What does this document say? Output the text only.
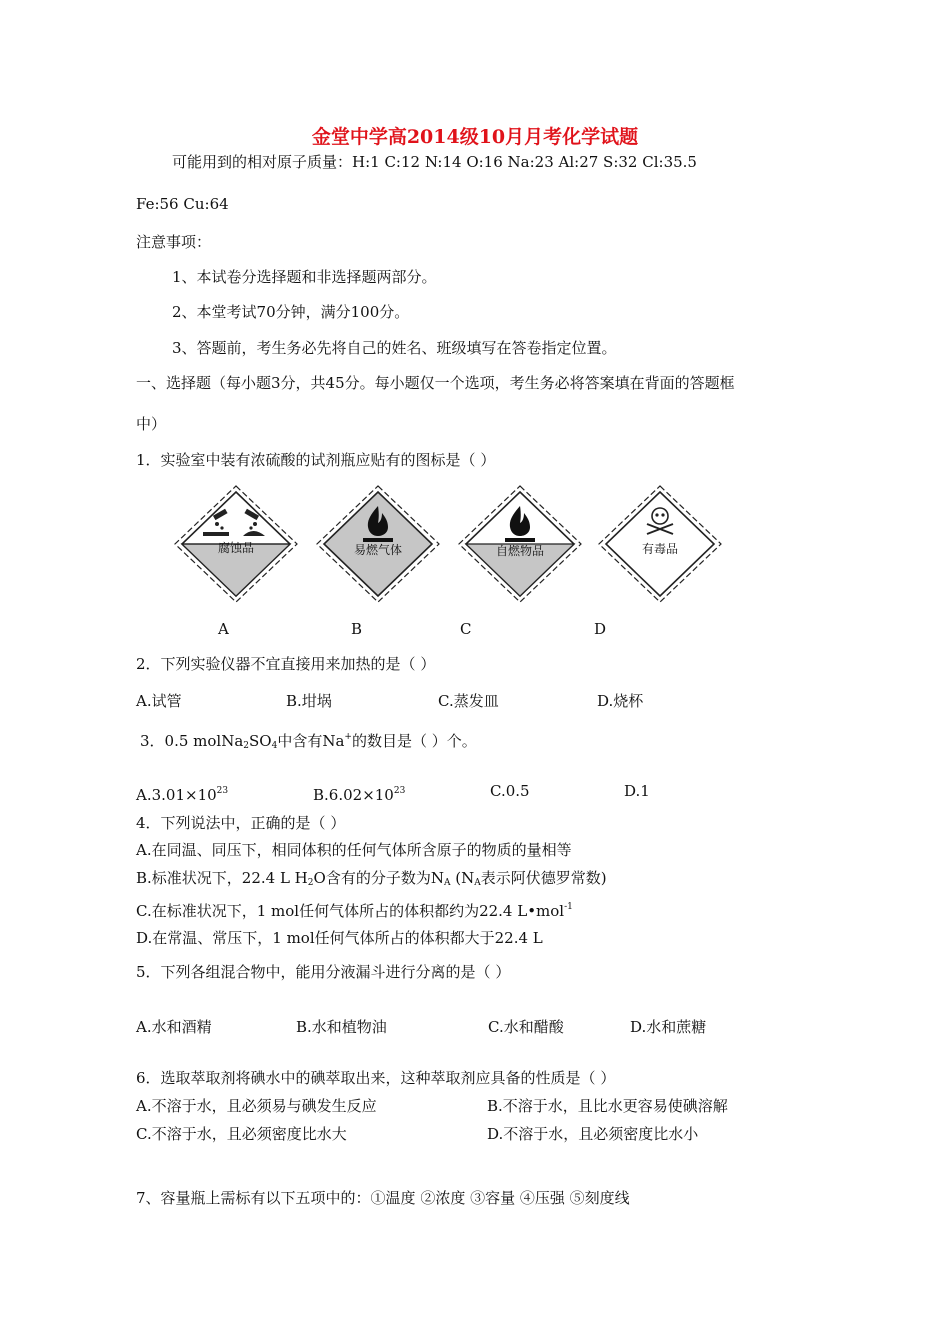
金堂中学高2014级10月月考化学试题
可能用到的相对原子质量：H:1 C:12 N:14 O:16 Na:23 Al:27 S:32 Cl:35.5
Fe:56 Cu:64
注意事项：
1、本试卷分选择题和非选择题两部分。
2、本堂考试70分钟，满分100分。
3、答题前，考生务必先将自己的姓名、班级填写在答卷指定位置。
一、选择题（每小题3分，共45分。每小题仅一个选项，考生务必将答案填在背面的答题框
中）
1．实验室中装有浓硫酸的试剂瓶应贴有的图标是（ ）
腐蚀品	易燃气体	自燃物品	有毒品
A	B	C	D
2．下列实验仪器不宜直接用来加热的是（ ）
A.试管	B.坩埚	C.蒸发皿	D.烧杯
3．0.5 $molNa_2SO_4$中含有Na+的数目是（ ）个。
$A.3.01\times 10^{23}$	$B.6.02\times 10^{23}$	C.0.5	D.1
4．下列说法中，正确的是（ ）
A.在同温、同压下，相同体积的任何气体所含原子的物质的量相等
B.标准状况下，22.4 L $H_2O$含有的分子数为$N_A$ ($N_A$表示阿伏德罗常数)
C.在标准状况下，1 mol任何气体所占的体积都约为22.4 L•mol$^{-1}$
D.在常温、常压下，1 mol任何气体所占的体积都大于22.4 L
5．下列各组混合物中，能用分液漏斗进行分离的是（ ）
A.水和酒精	B.水和植物油	C.水和醋酸	D.水和蔗糖
6．选取萃取剂将碘水中的碘萃取出来，这种萃取剂应具备的性质是（ ）
A.不溶于水，且必须易与碘发生反应	B.不溶于水，且比水更容易使碘溶解
C.不溶于水，且必须密度比水大	D.不溶于水，且必须密度比水小
7、容量瓶上需标有以下五项中的：①温度 ②浓度 ③容量 ④压强 ⑤刻度线
